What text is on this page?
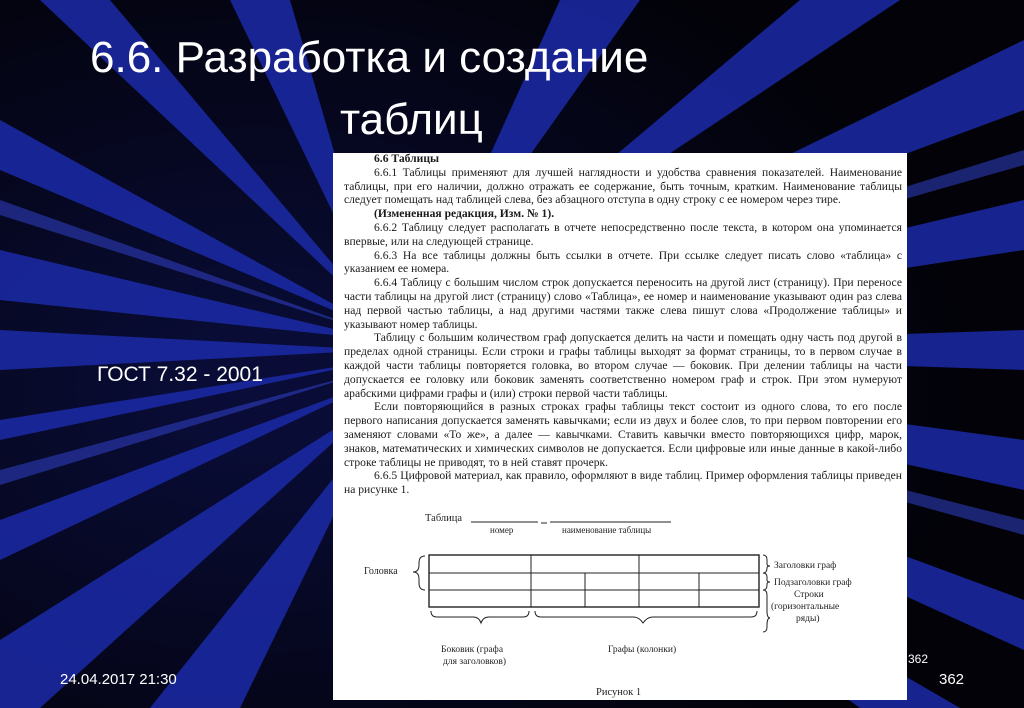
6.6. Разработка и создание
таблиц
ГОСТ 7.32 - 2001

6.6 Таблицы

6.6.1 Таблицы применяют для лучшей наглядности и удобства сравнения показателей. Наименование таблицы, при его наличии, должно отражать ее содержание, быть точным, кратким. Наименование таблицы следует помещать над таблицей слева, без абзацного отступа в одну строку с ее номером через тире.

(Измененная редакция, Изм. № 1).

6.6.2 Таблицу следует располагать в отчете непосредственно после текста, в котором она упоминается впервые, или на следующей странице.

6.6.3 На все таблицы должны быть ссылки в отчете. При ссылке следует писать слово «таблица» с указанием ее номера.

6.6.4 Таблицу с большим числом строк допускается переносить на другой лист (страницу). При переносе части таблицы на другой лист (страницу) слово «Таблица», ее номер и наименование указывают один раз слева над первой частью таблицы, а над другими частями также слева пишут слова «Продолжение таблицы» и указывают номер таблицы.

Таблицу с большим количеством граф допускается делить на части и помещать одну часть под другой в пределах одной страницы. Если строки и графы таблицы выходят за формат страницы, то в первом случае в каждой части таблицы повторяется головка, во втором случае — боковик. При делении таблицы на части допускается ее головку или боковик заменять соответственно номером граф и строк. При этом нумеруют арабскими цифрами графы и (или) строки первой части таблицы.

Если повторяющийся в разных строках графы таблицы текст состоит из одного слова, то его после первого написания допускается заменять кавычками; если из двух и более слов, то при первом повторении его заменяют словами «То же», а далее — кавычками. Ставить кавычки вместо повторяющихся цифр, марок, знаков, математических и химических символов не допускается. Если цифровые или иные данные в какой-либо строке таблицы не приводят, то в ней ставят прочерк.

6.6.5 Цифровой материал, как правило, оформляют в виде таблиц. Пример оформления таблицы приведен на рисунке 1.

Таблица
номер	наименование таблицы
Головка	Заголовки граф
Подзаголовки граф
Строки
(горизонтальные
ряды)
Боковик (графа
для заголовков)
Графы (колонки)
Рисунок 1
24.04.2017 21:30
362
362
